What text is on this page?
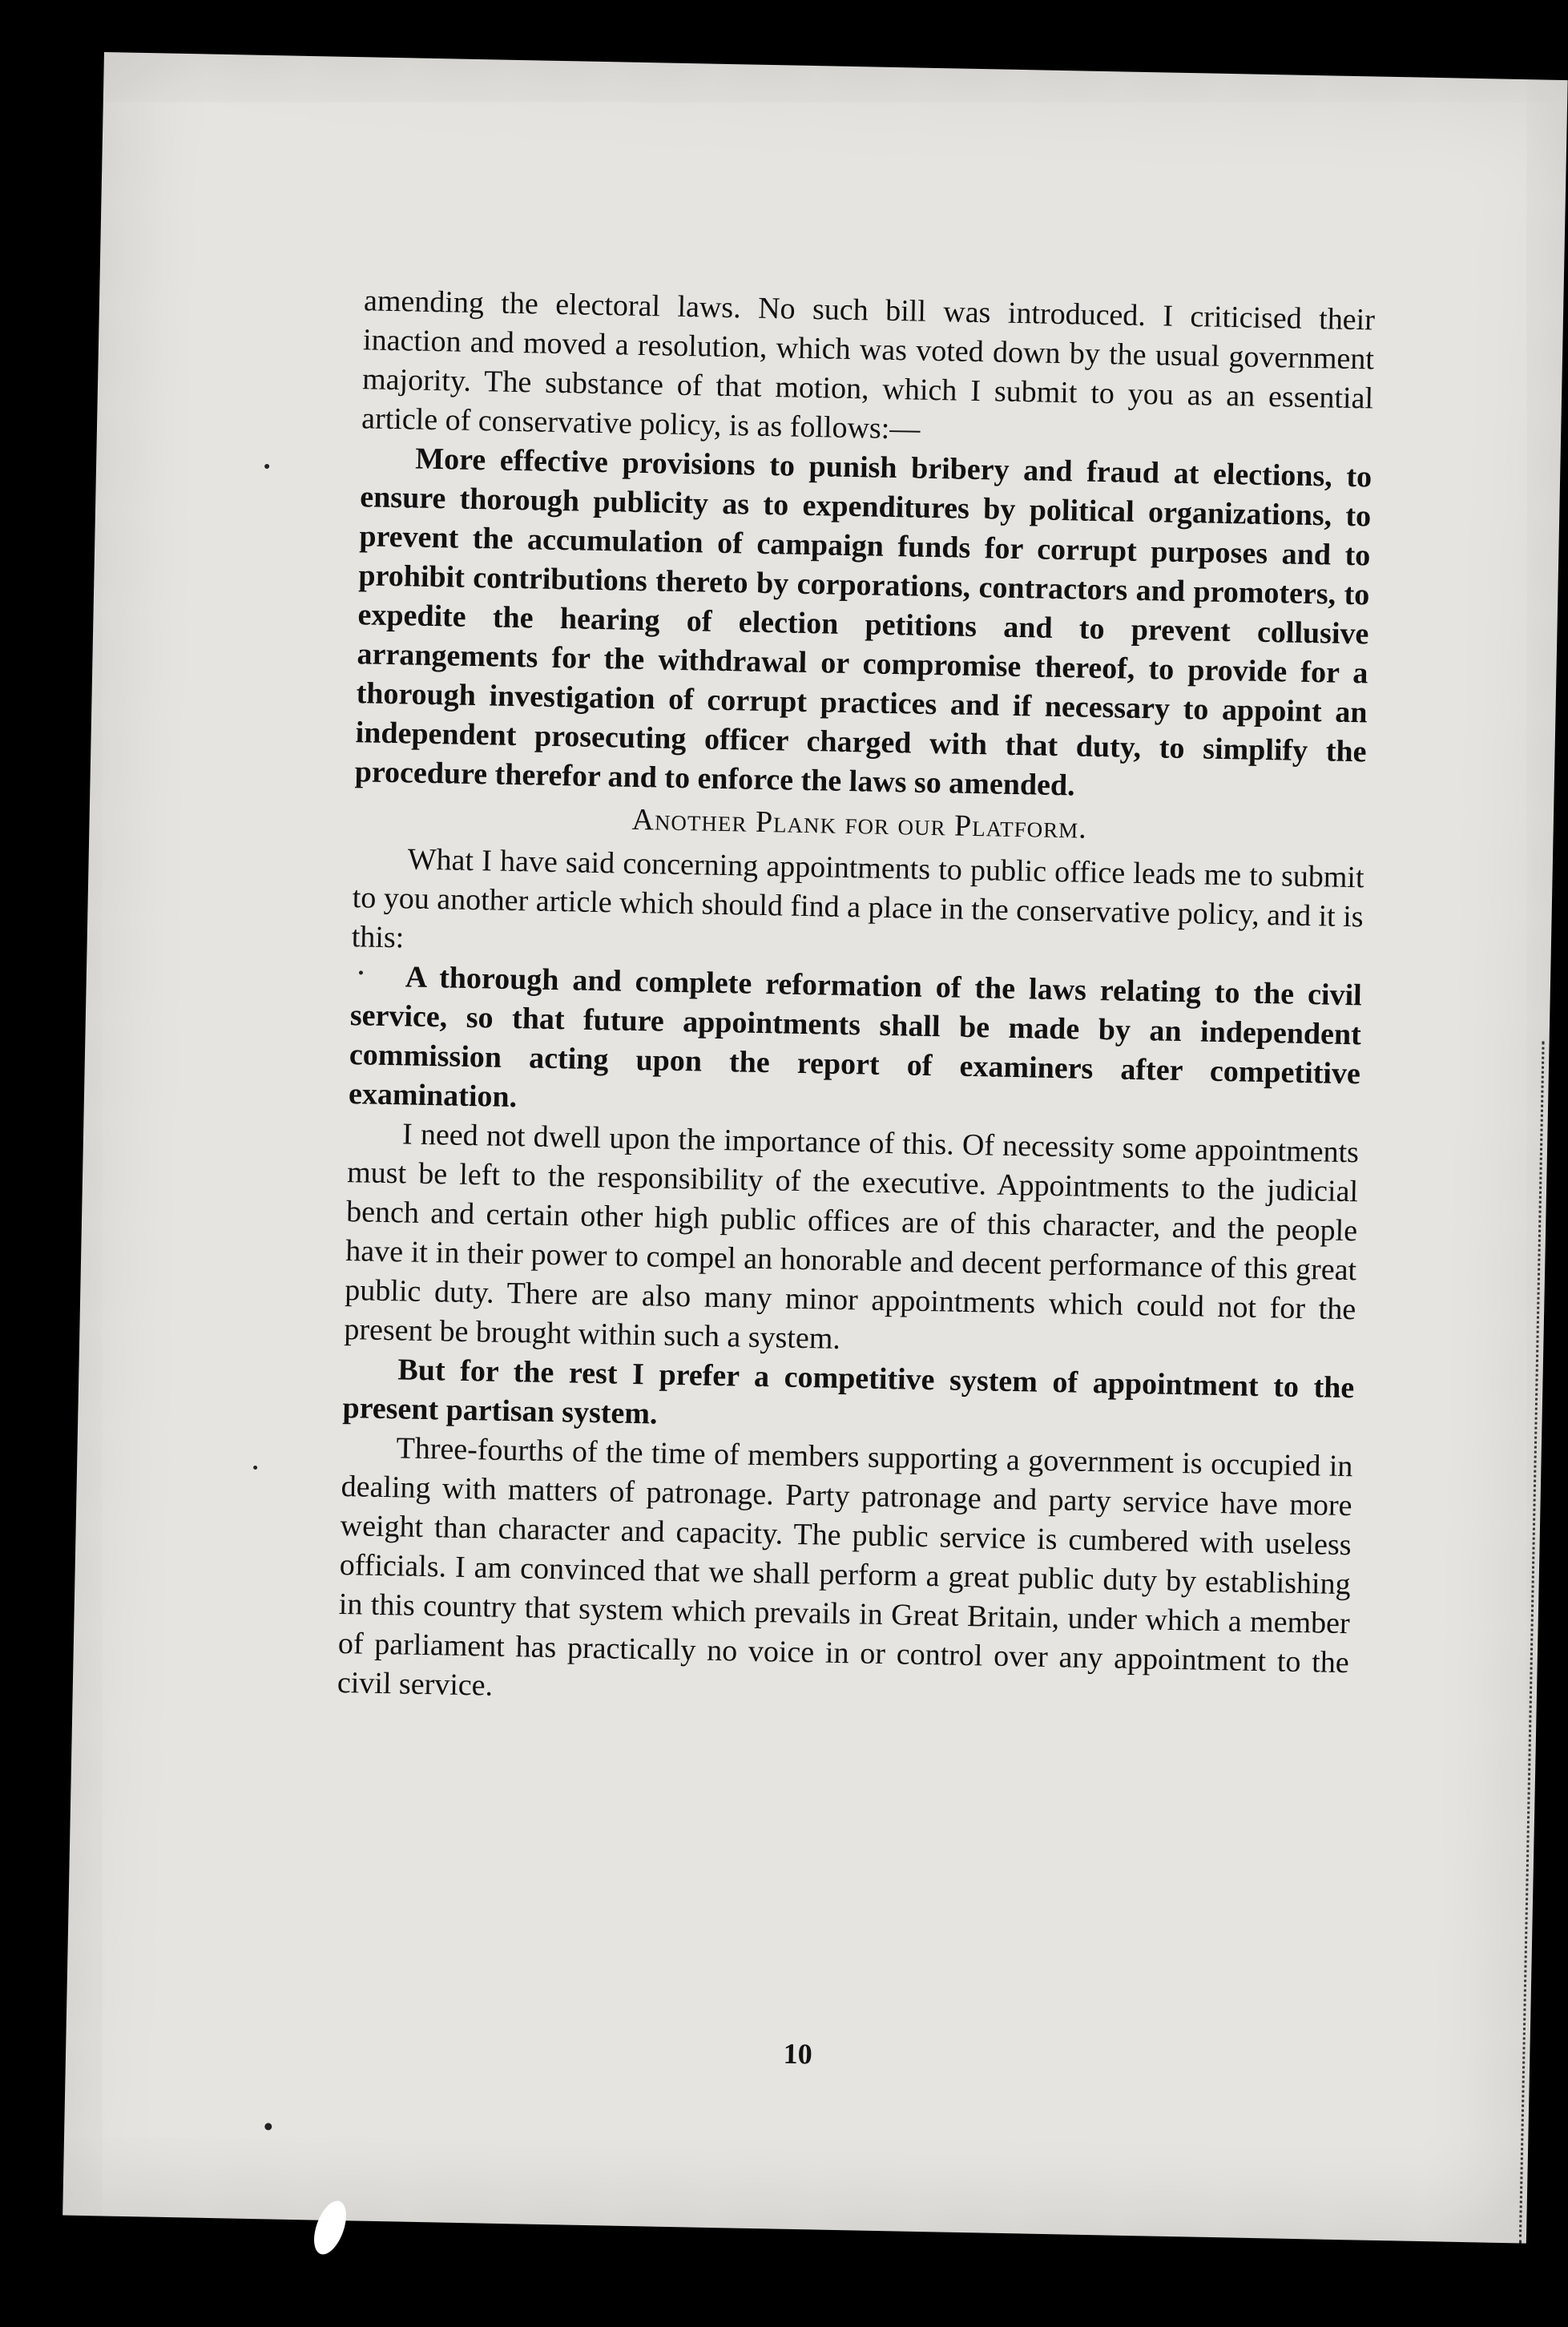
amending the electoral laws. No such bill was introduced. I criticised their inaction and moved a resolution, which was voted down by the usual government majority. The substance of that motion, which I submit to you as an essential article of conservative policy, is as follows:—

More effective provisions to punish bribery and fraud at elections, to ensure thorough publicity as to expenditures by political organizations, to prevent the accumulation of campaign funds for corrupt purposes and to prohibit contributions thereto by corporations, contractors and promoters, to expedite the hearing of election petitions and to prevent collusive arrangements for the withdrawal or compromise thereof, to provide for a thorough investigation of corrupt practices and if necessary to appoint an independent prosecuting officer charged with that duty, to simplify the procedure therefor and to enforce the laws so amended.

Another Plank for our Platform.

What I have said concerning appointments to public office leads me to submit to you another article which should find a place in the conservative policy, and it is this:

A thorough and complete reformation of the laws relating to the civil service, so that future appointments shall be made by an independent commission acting upon the report of examiners after competitive examination.

I need not dwell upon the importance of this. Of necessity some appointments must be left to the responsibility of the executive. Appointments to the judicial bench and certain other high public offices are of this character, and the people have it in their power to compel an honorable and decent performance of this great public duty. There are also many minor appointments which could not for the present be brought within such a system.

But for the rest I prefer a competitive system of appointment to the present partisan system.

Three-fourths of the time of members supporting a government is occupied in dealing with matters of patronage. Party patronage and party service have more weight than character and capacity. The public service is cumbered with useless officials. I am convinced that we shall perform a great public duty by establishing in this country that system which prevails in Great Britain, under which a member of parliament has practically no voice in or control over any appointment to the civil service.

10
